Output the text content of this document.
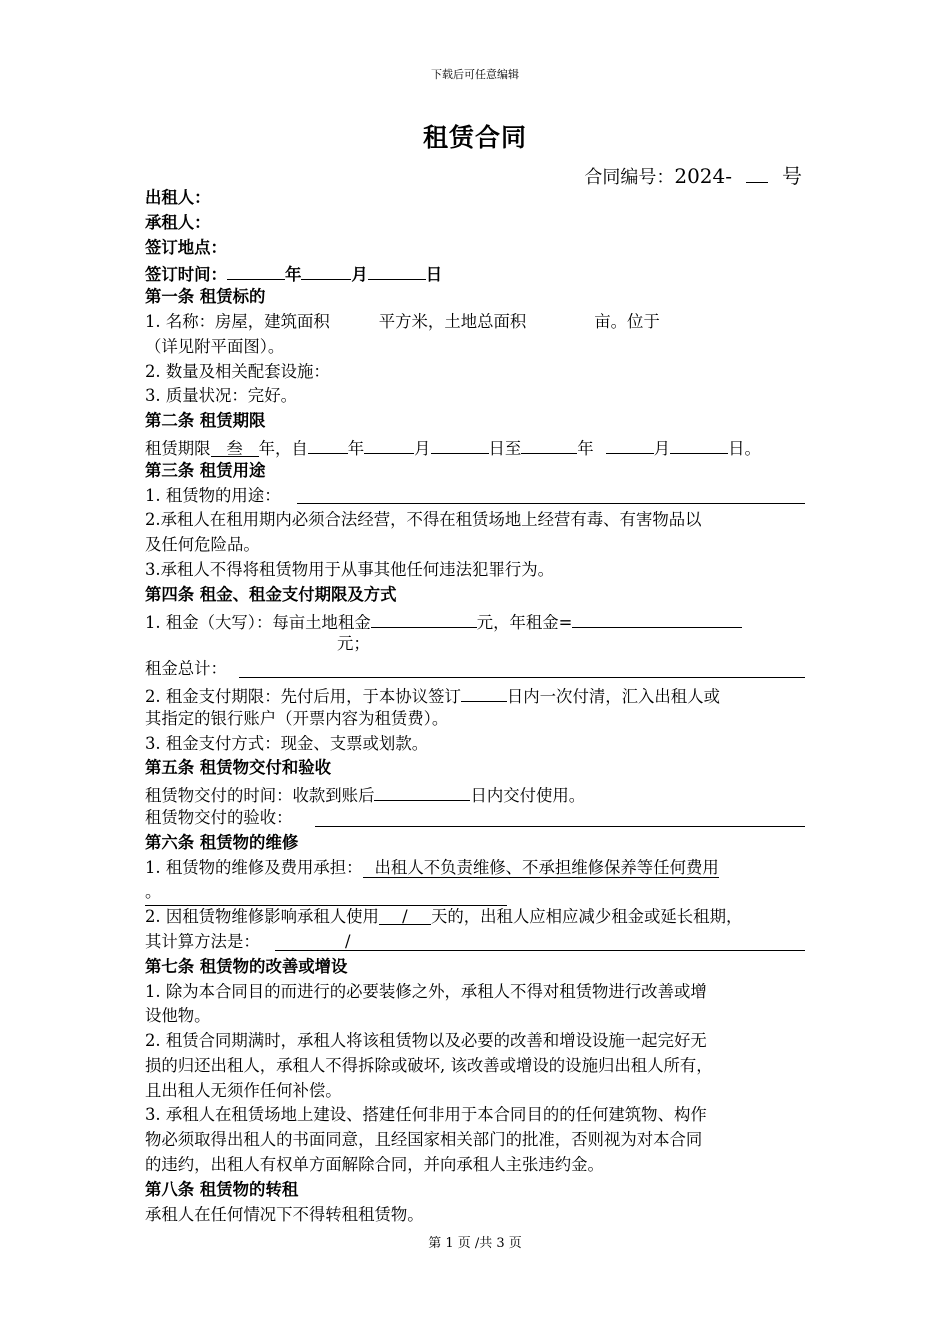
下载后可任意编辑
租赁合同
合同编号：2024-	号
出租人：
承租人：
签订地点：
签订时间：	年	月	日
第一条 租赁标的
1. 名称：房屋，建筑面积	平方米，土地总面积	亩。位于
（详见附平面图）。
2. 数量及相关配套设施：
3. 质量状况：完好。
第二条 租赁期限
租赁期限 叁 年，自 年	月	日至	年	月	日。
第三条 租赁用途
1. 租赁物的用途：
2.承租人在租用期内必须合法经营，不得在租赁场地上经营有毒、有害物品以
及任何危险品。
3.承租人不得将租赁物用于从事其他任何违法犯罪行为。
第四条 租金、租金支付期限及方式
1. 租金（大写）：每亩土地租金	元，年租金=
元；
租金总计：
2. 租金支付期限：先付后用，于本协议签订	日内一次付清，汇入出租人或
其指定的银行账户（开票内容为租赁费）。
3. 租金支付方式：现金、支票或划款。
第五条 租赁物交付和验收
租赁物交付的时间：收款到账后	日内交付使用。
租赁物交付的验收：
第六条 租赁物的维修
1. 租赁物的维修及费用承担： 出租人不负责维修、不承担维修保养等任何费用
。
2. 因租赁物维修影响承租人使用 / 天的，出租人应相应减少租金或延长租期，
其计算方法是：	/
第七条 租赁物的改善或增设
1. 除为本合同目的而进行的必要装修之外，承租人不得对租赁物进行改善或增
设他物。
2. 租赁合同期满时，承租人将该租赁物以及必要的改善和增设设施一起完好无
损的归还出租人，承租人不得拆除或破坏, 该改善或增设的设施归出租人所有，
且出租人无须作任何补偿。
3. 承租人在租赁场地上建设、搭建任何非用于本合同目的的任何建筑物、构作
物必须取得出租人的书面同意，且经国家相关部门的批准，否则视为对本合同
的违约，出租人有权单方面解除合同，并向承租人主张违约金。
第八条 租赁物的转租
承租人在任何情况下不得转租租赁物。
第 1 页 /共 3 页
